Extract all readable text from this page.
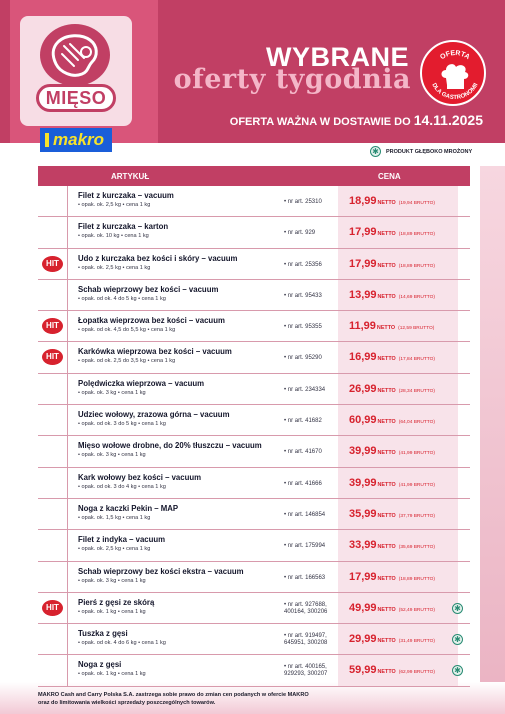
MIĘSO
WYBRANE
oferty tygodnia
OFERTA
DLA GASTRONOMII
OFERTA WAŻNA W DOSTAWIE DO 14.11.2025
makro
✱
PRODUKT GŁĘBOKO MROŻONY
ARTYKUŁ	CENA
Filet z kurczaka – vacuum
• opak. ok. 2,5 kg • cena 1 kg	• nr art. 25310 18,99NETTO (19,94 BRUTTO)
Filet z kurczaka – karton
• opak. ok. 10 kg • cena 1 kg	• nr art. 929	17,99NETTO (18,89 BRUTTO)
HIT
Udo z kurczaka bez kości i skóry – vacuum
• opak. ok. 2,5 kg • cena 1 kg	• nr art. 25356 17,99NETTO (18,89 BRUTTO)
Schab wieprzowy bez kości – vacuum
• opak. od ok. 4 do 5 kg • cena 1 kg	• nr art. 95433 13,99NETTO (14,69 BRUTTO)
HIT
Łopatka wieprzowa bez kości – vacuum
• opak. od ok. 4,5 do 5,5 kg • cena 1 kg	• nr art. 95355 11,99NETTO (12,59 BRUTTO)
HIT
Karkówka wieprzowa bez kości – vacuum
• opak. od ok. 2,5 do 3,5 kg • cena 1 kg	• nr art. 95290 16,99NETTO (17,84 BRUTTO)
Polędwiczka wieprzowa – vacuum
• opak. ok. 3 kg • cena 1 kg	• nr art. 234334 26,99NETTO (28,34 BRUTTO)
Udziec wołowy, zrazowa górna – vacuum
• opak. od ok. 3 do 5 kg • cena 1 kg	• nr art. 41682 60,99NETTO (64,04 BRUTTO)
Mięso wołowe drobne, do 20% tłuszczu – vacuum
• opak. ok. 3 kg • cena 1 kg	• nr art. 41670 39,99NETTO (41,99 BRUTTO)
Kark wołowy bez kości – vacuum
• opak. od ok. 3 do 4 kg • cena 1 kg	• nr art. 41666 39,99NETTO (41,99 BRUTTO)
Noga z kaczki Pekin – MAP
• opak. ok. 1,5 kg • cena 1 kg	• nr art. 146854 35,99NETTO (37,79 BRUTTO)
Filet z indyka – vacuum
• opak. ok. 2,5 kg • cena 1 kg	• nr art. 175994 33,99NETTO (35,69 BRUTTO)
Schab wieprzowy bez kości ekstra – vacuum
• opak. ok. 3 kg • cena 1 kg	• nr art. 166563 17,99NETTO (18,89 BRUTTO)
HIT
Pierś z gęsi ze skórą
• opak. ok. 1 kg • cena 1 kg
• nr art. 927688,
400164, 300206 49,99NETTO (52,49 BRUTTO)
✱
Tuszka z gęsi
• opak. od ok. 4 do 6 kg • cena 1 kg
• nr art. 919497,
645951, 300208 29,99NETTO (31,49 BRUTTO)
✱
Noga z gęsi
• opak. ok. 1 kg • cena 1 kg
• nr art. 400165,
929293, 300207 59,99NETTO (62,99 BRUTTO)
✱
MAKRO Cash and Carry Polska S.A. zastrzega sobie prawo do zmian cen podanych w ofercie MAKRO
oraz do limitowania wielkości sprzedaży poszczególnych towarów.
